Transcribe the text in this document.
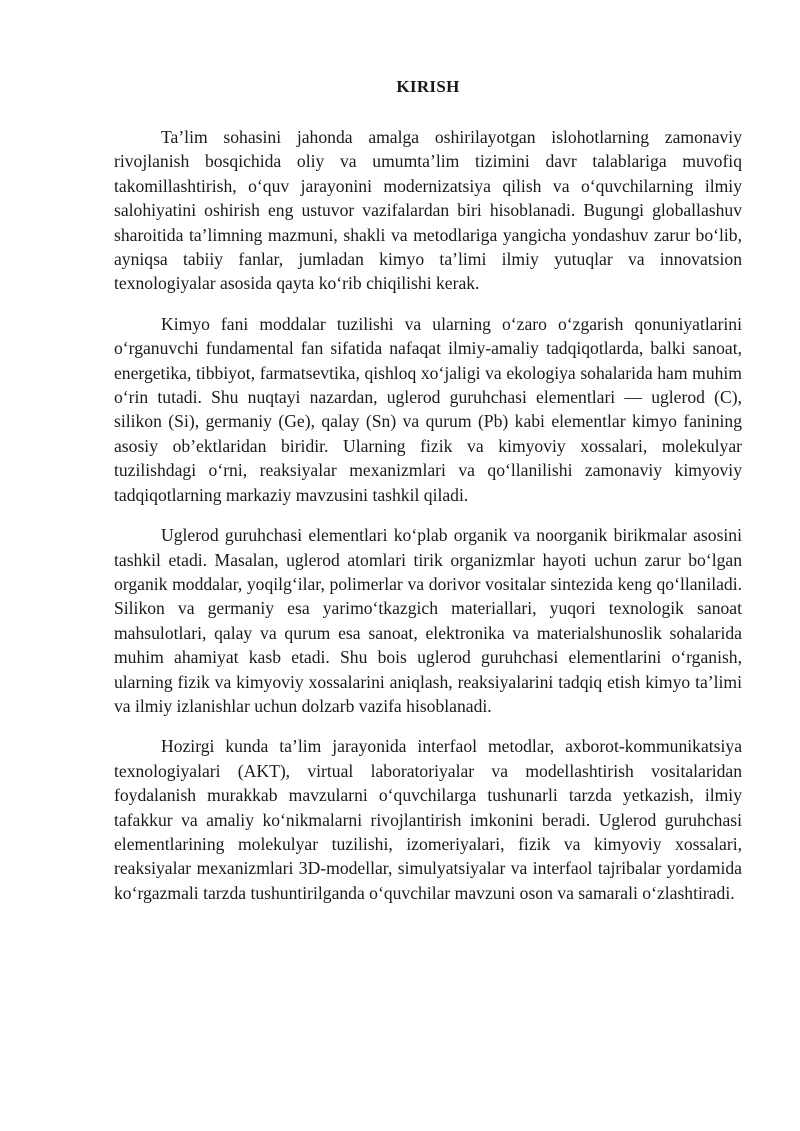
KIRISH

Ta’lim sohasini jahonda amalga oshirilayotgan islohotlarning zamonaviy rivojlanish bosqichida oliy va umumta’lim tizimini davr talablariga muvofiq takomillashtirish, o‘quv jarayonini modernizatsiya qilish va o‘quvchilarning ilmiy salohiyatini oshirish eng ustuvor vazifalardan biri hisoblanadi. Bugungi globallashuv sharoitida ta’limning mazmuni, shakli va metodlariga yangicha yondashuv zarur bo‘lib, ayniqsa tabiiy fanlar, jumladan kimyo ta’limi ilmiy yutuqlar va innovatsion texnologiyalar asosida qayta ko‘rib chiqilishi kerak.

Kimyo fani moddalar tuzilishi va ularning o‘zaro o‘zgarish qonuniyatlarini o‘rganuvchi fundamental fan sifatida nafaqat ilmiy-amaliy tadqiqotlarda, balki sanoat, energetika, tibbiyot, farmatsevtika, qishloq xo‘jaligi va ekologiya sohalarida ham muhim o‘rin tutadi. Shu nuqtayi nazardan, uglerod guruhchasi elementlari — uglerod (C), silikon (Si), germaniy (Ge), qalay (Sn) va qurum (Pb) kabi elementlar kimyo fanining asosiy ob’ektlaridan biridir. Ularning fizik va kimyoviy xossalari, molekulyar tuzilishdagi o‘rni, reaksiyalar mexanizmlari va qo‘llanilishi zamonaviy kimyoviy tadqiqotlarning markaziy mavzusini tashkil qiladi.

Uglerod guruhchasi elementlari ko‘plab organik va noorganik birikmalar asosini tashkil etadi. Masalan, uglerod atomlari tirik organizmlar hayoti uchun zarur bo‘lgan organik moddalar, yoqilg‘ilar, polimerlar va dorivor vositalar sintezida keng qo‘llaniladi. Silikon va germaniy esa yarimo‘tkazgich materiallari, yuqori texnologik sanoat mahsulotlari, qalay va qurum esa sanoat, elektronika va materialshunoslik sohalarida muhim ahamiyat kasb etadi. Shu bois uglerod guruhchasi elementlarini o‘rganish, ularning fizik va kimyoviy xossalarini aniqlash, reaksiyalarini tadqiq etish kimyo ta’limi va ilmiy izlanishlar uchun dolzarb vazifa hisoblanadi.

Hozirgi kunda ta’lim jarayonida interfaol metodlar, axborot-kommunikatsiya texnologiyalari (AKT), virtual laboratoriyalar va modellashtirish vositalaridan foydalanish murakkab mavzularni o‘quvchilarga tushunarli tarzda yetkazish, ilmiy tafakkur va amaliy ko‘nikmalarni rivojlantirish imkonini beradi. Uglerod guruhchasi elementlarining molekulyar tuzilishi, izomeriyalari, fizik va kimyoviy xossalari, reaksiyalar mexanizmlari 3D-modellar, simulyatsiyalar va interfaol tajribalar yordamida ko‘rgazmali tarzda tushuntirilganda o‘quvchilar mavzuni oson va samarali o‘zlashtiradi.
